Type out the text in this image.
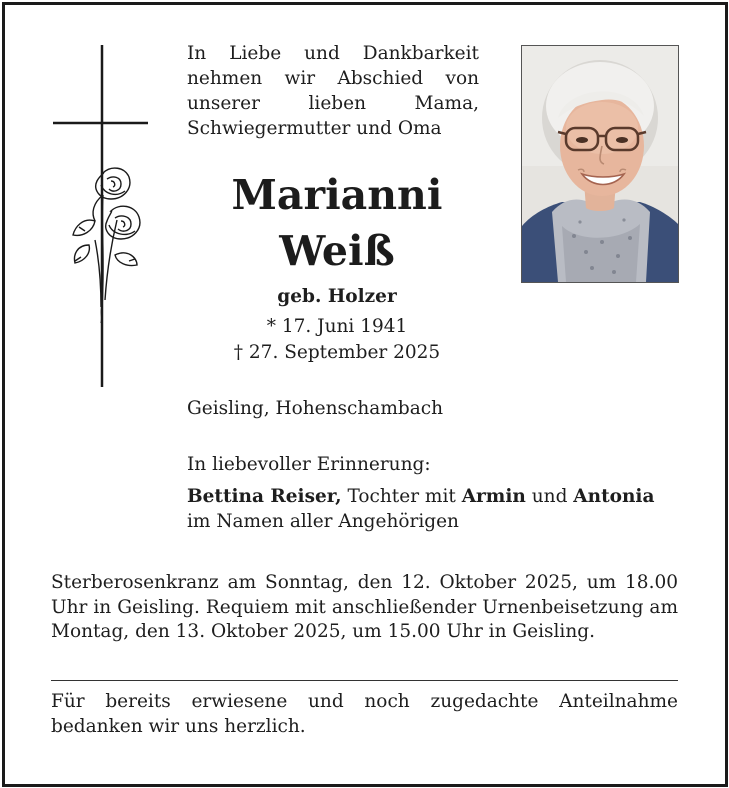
In Liebe und Dankbarkeit nehmen wir Abschied von unserer lieben Mama, Schwiegermutter und Oma

Marianni

Weiß

geb. Holzer

* 17. Juni 1941

† 27. September 2025

Geisling, Hohenschambach

In liebevoller Erinnerung:

Bettina Reiser, Tochter mit Armin und Antonia

im Namen aller Angehörigen

Sterberosenkranz am Sonntag, den 12. Oktober 2025, um 18.00 Uhr in Geisling. Requiem mit anschließender Urnenbeisetzung am Montag, den 13. Oktober 2025, um 15.00 Uhr in Geisling.

Für bereits erwiesene und noch zugedachte Anteilnahme bedanken wir uns herzlich.
